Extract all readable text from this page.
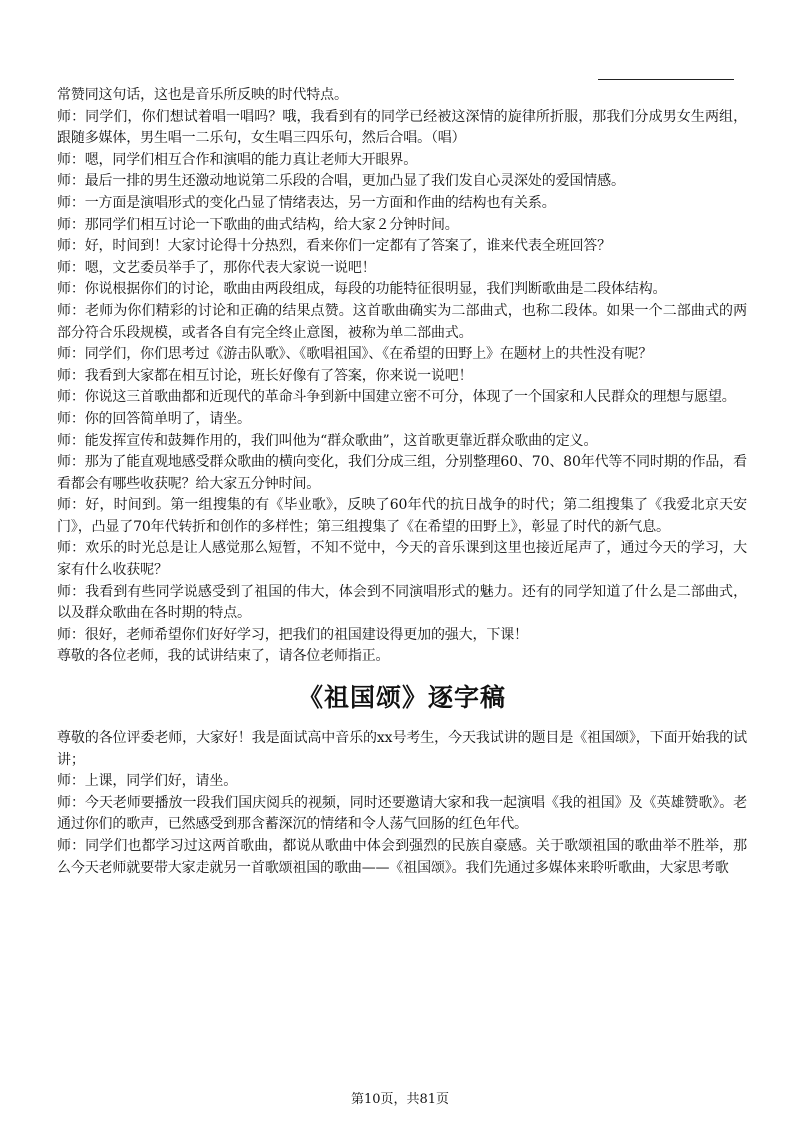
常赞同这句话，这也是音乐所反映的时代特点。

师：同学们，你们想试着唱一唱吗？哦，我看到有的同学已经被这深情的旋律所折服，那我们分成男女生两组，跟随多媒体，男生唱一二乐句，女生唱三四乐句，然后合唱。（唱）

师：嗯，同学们相互合作和演唱的能力真让老师大开眼界。

师：最后一排的男生还激动地说第二乐段的合唱，更加凸显了我们发自心灵深处的爱国情感。

师：一方面是演唱形式的变化凸显了情绪表达，另一方面和作曲的结构也有关系。

师：那同学们相互讨论一下歌曲的曲式结构，给大家２分钟时间。

师：好，时间到！大家讨论得十分热烈，看来你们一定都有了答案了，谁来代表全班回答？

师：嗯，文艺委员举手了，那你代表大家说一说吧！

师：你说根据你们的讨论，歌曲由两段组成，每段的功能特征很明显，我们判断歌曲是二段体结构。

师：老师为你们精彩的讨论和正确的结果点赞。这首歌曲确实为二部曲式，也称二段体。如果一个二部曲式的两部分符合乐段规模，或者各自有完全终止意图，被称为单二部曲式。

师：同学们，你们思考过《游击队歌》、《歌唱祖国》、《在希望的田野上》在题材上的共性没有呢？

师：我看到大家都在相互讨论，班长好像有了答案，你来说一说吧！

师：你说这三首歌曲都和近现代的革命斗争到新中国建立密不可分，体现了一个国家和人民群众的理想与愿望。

师：你的回答简单明了，请坐。

师：能发挥宣传和鼓舞作用的，我们叫他为“群众歌曲”，这首歌更靠近群众歌曲的定义。

师：那为了能直观地感受群众歌曲的横向变化，我们分成三组，分别整理60、70、80年代等不同时期的作品，看看都会有哪些收获呢？给大家五分钟时间。

师：好，时间到。第一组搜集的有《毕业歌》，反映了60年代的抗日战争的时代；第二组搜集了《我爱北京天安门》，凸显了70年代转折和创作的多样性；第三组搜集了《在希望的田野上》，彰显了时代的新气息。

师：欢乐的时光总是让人感觉那么短暂，不知不觉中，今天的音乐课到这里也接近尾声了，通过今天的学习，大家有什么收获呢？

师：我看到有些同学说感受到了祖国的伟大，体会到不同演唱形式的魅力。还有的同学知道了什么是二部曲式，以及群众歌曲在各时期的特点。

师：很好，老师希望你们好好学习，把我们的祖国建设得更加的强大，下课！

尊敬的各位老师，我的试讲结束了，请各位老师指正。

《祖国颂》逐字稿

尊敬的各位评委老师，大家好！我是面试高中音乐的xx号考生，今天我试讲的题目是《祖国颂》，下面开始我的试讲；

师：上课，同学们好，请坐。

师：今天老师要播放一段我们国庆阅兵的视频，同时还要邀请大家和我一起演唱《我的祖国》及《英雄赞歌》。老通过你们的歌声，已然感受到那含蓄深沉的情绪和令人荡气回肠的红色年代。

师：同学们也都学习过这两首歌曲，都说从歌曲中体会到强烈的民族自豪感。关于歌颂祖国的歌曲举不胜举，那么今天老师就要带大家走就另一首歌颂祖国的歌曲——《祖国颂》。我们先通过多媒体来聆听歌曲，大家思考歌

第10页，共81页
